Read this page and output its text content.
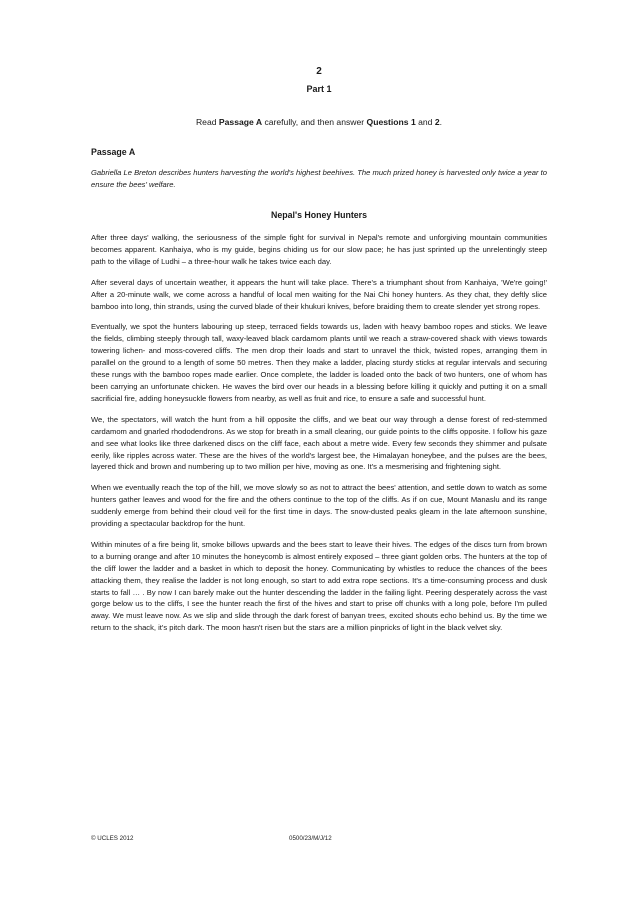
2
Part 1
Read Passage A carefully, and then answer Questions 1 and 2.
Passage A

Gabriella Le Breton describes hunters harvesting the world's highest beehives. The much prized honey is harvested only twice a year to ensure the bees' welfare.

Nepal's Honey Hunters

After three days' walking, the seriousness of the simple fight for survival in Nepal's remote and unforgiving mountain communities becomes apparent. Kanhaiya, who is my guide, begins chiding us for our slow pace; he has just sprinted up the unrelentingly steep path to the village of Ludhi – a three-hour walk he takes twice each day.

After several days of uncertain weather, it appears the hunt will take place. There's a triumphant shout from Kanhaiya, 'We're going!' After a 20-minute walk, we come across a handful of local men waiting for the Nai Chi honey hunters. As they chat, they deftly slice bamboo into long, thin strands, using the curved blade of their khukuri knives, before braiding them to create slender yet strong ropes.

Eventually, we spot the hunters labouring up steep, terraced fields towards us, laden with heavy bamboo ropes and sticks. We leave the fields, climbing steeply through tall, waxy-leaved black cardamom plants until we reach a straw-covered shack with views towards towering lichen- and moss-covered cliffs. The men drop their loads and start to unravel the thick, twisted ropes, arranging them in parallel on the ground to a length of some 50 metres. Then they make a ladder, placing sturdy sticks at regular intervals and securing these rungs with the bamboo ropes made earlier. Once complete, the ladder is loaded onto the back of two hunters, one of whom has been carrying an unfortunate chicken. He waves the bird over our heads in a blessing before killing it quickly and putting it on a small sacrificial fire, adding honeysuckle flowers from nearby, as well as fruit and rice, to ensure a safe and successful hunt.

We, the spectators, will watch the hunt from a hill opposite the cliffs, and we beat our way through a dense forest of red-stemmed cardamom and gnarled rhododendrons. As we stop for breath in a small clearing, our guide points to the cliffs opposite. I follow his gaze and see what looks like three darkened discs on the cliff face, each about a metre wide. Every few seconds they shimmer and pulsate eerily, like ripples across water. These are the hives of the world's largest bee, the Himalayan honeybee, and the pulses are the bees, layered thick and brown and numbering up to two million per hive, moving as one. It's a mesmerising and frightening sight.

When we eventually reach the top of the hill, we move slowly so as not to attract the bees' attention, and settle down to watch as some hunters gather leaves and wood for the fire and the others continue to the top of the cliffs. As if on cue, Mount Manaslu and its range suddenly emerge from behind their cloud veil for the first time in days. The snow-dusted peaks gleam in the late afternoon sunshine, providing a spectacular backdrop for the hunt.

Within minutes of a fire being lit, smoke billows upwards and the bees start to leave their hives. The edges of the discs turn from brown to a burning orange and after 10 minutes the honeycomb is almost entirely exposed – three giant golden orbs. The hunters at the top of the cliff lower the ladder and a basket in which to deposit the honey. Communicating by whistles to reduce the chances of the bees attacking them, they realise the ladder is not long enough, so start to add extra rope sections. It's a time-consuming process and dusk starts to fall … . By now I can barely make out the hunter descending the ladder in the failing light. Peering desperately across the vast gorge below us to the cliffs, I see the hunter reach the first of the hives and start to prise off chunks with a long pole, before I'm pulled away. We must leave now. As we slip and slide through the dark forest of banyan trees, excited shouts echo behind us. By the time we return to the shack, it's pitch dark. The moon hasn't risen but the stars are a million pinpricks of light in the black velvet sky.

© UCLES 2012	0500/23/M/J/12
